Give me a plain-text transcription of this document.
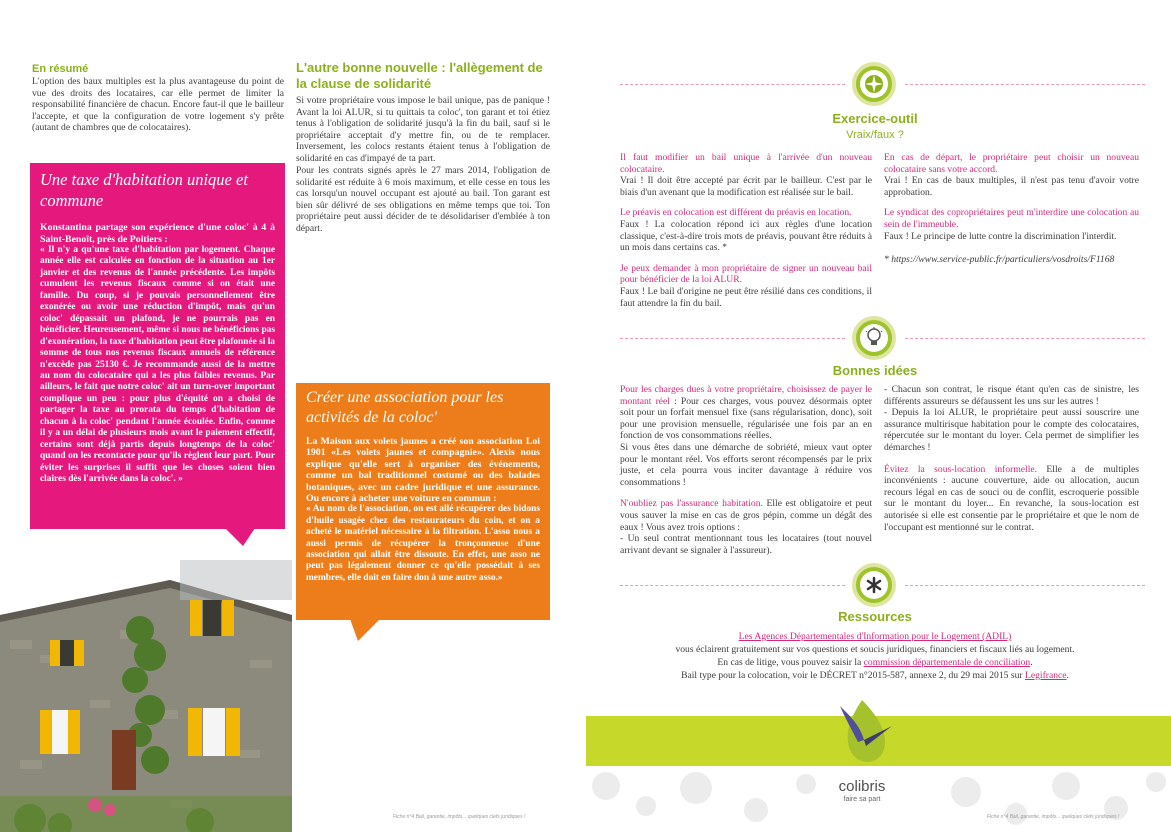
En résumé

L'option des baux multiples est la plus avantageuse du point de vue des droits des locataires, car elle permet de limiter la responsabilité financière de chacun. Encore faut-il que le bailleur l'accepte, et que la configuration de votre logement s'y prête (autant de chambres que de colocataires).

L'autre bonne nouvelle : l'allègement de la clause de solidarité

Si votre propriétaire vous impose le bail unique, pas de panique ! Avant la loi ALUR, si tu quittais ta coloc', ton garant et toi étiez tenus à l'obligation de solidarité jusqu'à la fin du bail, sauf si le propriétaire acceptait d'y mettre fin, ou de te remplacer. Inversement, les colocs restants étaient tenus à l'obligation de solidarité en cas d'impayé de ta part.

Pour les contrats signés après le 27 mars 2014, l'obligation de solidarité est réduite à 6 mois maximum, et elle cesse en tous les cas lorsqu'un nouvel occupant est ajouté au bail. Ton garant est bien sûr délivré de ses obligations en même temps que toi. Ton propriétaire peut aussi décider de te désolidariser d'emblée à ton départ.

Une taxe d'habitation unique et commune
Konstantina partage son expérience d'une coloc' à 4 à Saint-Benoît, près de Poitiers :
« Il n'y a qu'une taxe d'habitation par logement. Chaque année elle est calculée en fonction de la situation au 1er janvier et des revenus de l'année précédente. Les impôts cumulent les revenus fiscaux comme si on était une famille. Du coup, si je pouvais personnellement être exonérée ou avoir une réduction d'impôt, mais qu'un coloc' dépassait un plafond, je ne pourrais pas en bénéficier. Heureusement, même si nous ne bénéficions pas d'exonération, la taxe d'habitation peut être plafonnée si la somme de tous nos revenus fiscaux annuels de référence n'excède pas 25130 €. Je recommande aussi de la mettre au nom du colocataire qui a les plus faibles revenus. Par ailleurs, le fait que notre coloc' ait un turn-over important complique un peu : pour plus d'équité on a choisi de partager la taxe au prorata du temps d'habitation de chacun à la coloc' pendant l'année écoulée. Enfin, comme il y a un délai de plusieurs mois avant le paiement effectif, certains sont déjà partis depuis longtemps de la coloc' quand on les recontacte pour qu'ils règlent leur part. Pour éviter les surprises il suffit que les choses soient bien claires dès l'arrivée dans la coloc'. »
Créer une association pour les activités de la coloc'
La Maison aux volets jaunes a créé son association Loi 1901 «Les volets jaunes et compagnie». Alexis nous explique qu'elle sert à organiser des événements, comme un bal traditionnel costumé ou des balades botaniques, avec un cadre juridique et une assurance. Ou encore à acheter une voiture en commun :
« Au nom de l'association, on est allé récupérer des bidons d'huile usagée chez des restaurateurs du coin, et on a acheté le matériel nécessaire à la filtration. L'asso nous a aussi permis de récupérer la tronçonneuse d'une association qui allait être dissoute. En effet, une asso ne peut pas légalement donner ce qu'elle possédait à ses membres, elle doit en faire don à une autre asso.»
Fiche n°4 Bail, garantie, impôts... quelques clefs juridiques !
Exercice-outil
Vraix/faux ?

Il faut modifier un bail unique à l'arrivée d'un nouveau colocataire.

Vrai ! Il doit être accepté par écrit par le bailleur. C'est par le biais d'un avenant que la modification est réalisée sur le bail.

Le préavis en colocation est différent du préavis en location.

Faux ! La colocation répond ici aux règles d'une location classique, c'est-à-dire trois mots de préavis, pouvant être réduits à un mois dans certains cas. *

Je peux demander à mon propriétaire de signer un nouveau bail pour bénéficier de la loi ALUR.

Faux ! Le bail d'origine ne peut être résilié dans ces conditions, il faut attendre la fin du bail.

En cas de départ, le propriétaire peut choisir un nouveau colocataire sans votre accord.

Vrai ! En cas de baux multiples, il n'est pas tenu d'avoir votre approbation.

Le syndicat des copropriétaires peut m'interdire une colocation au sein de l'immeuble.

Faux ! Le principe de lutte contre la discrimination l'interdit.

* https://www.service-public.fr/particuliers/vosdroits/F1168

Bonnes idées

Pour les charges dues à votre propriétaire, choisissez de payer le montant réel : Pour ces charges, vous pouvez désormais opter soit pour un forfait mensuel fixe (sans régularisation, donc), soit pour une provision mensuelle, régularisée une fois par an en fonction de vos consommations réelles.

Si vous êtes dans une démarche de sobriété, mieux vaut opter pour le montant réel. Vos efforts seront récompensés par le prix juste, et cela pourra vous inciter davantage à réduire vos consommations !

N'oubliez pas l'assurance habitation. Elle est obligatoire et peut vous sauver la mise en cas de gros pépin, comme un dégât des eaux ! Vous avez trois options :

- Un seul contrat mentionnant tous les locataires (tout nouvel arrivant devant se signaler à l'assureur).

- Chacun son contrat, le risque étant qu'en cas de sinistre, les différents assureurs se défaussent les uns sur les autres !

- Depuis la loi ALUR, le propriétaire peut aussi souscrire une assurance multirisque habitation pour le compte des colocataires, répercutée sur le montant du loyer. Cela permet de simplifier les démarches !

Évitez la sous-location informelle. Elle a de multiples inconvénients : aucune couverture, aide ou allocation, aucun recours légal en cas de souci ou de conflit, escroquerie possible sur le montant du loyer... En revanche, la sous-location est autorisée si elle est consentie par le propriétaire et que le nom de l'occupant est mentionné sur le contrat.

Ressources
Les Agences Départementales d'Information pour le Logement (ADIL)
vous éclairent gratuitement sur vos questions et soucis juridiques, financiers et fiscaux liés au logement.
En cas de litige, vous pouvez saisir la commission départementale de conciliation.
Bail type pour la colocation, voir le DÉCRET n°2015-587, annexe 2, du 29 mai 2015 sur Legifrance.
colibris
faire sa part
Fiche n°4 Bail, garantie, impôts... quelques clefs juridiques !
